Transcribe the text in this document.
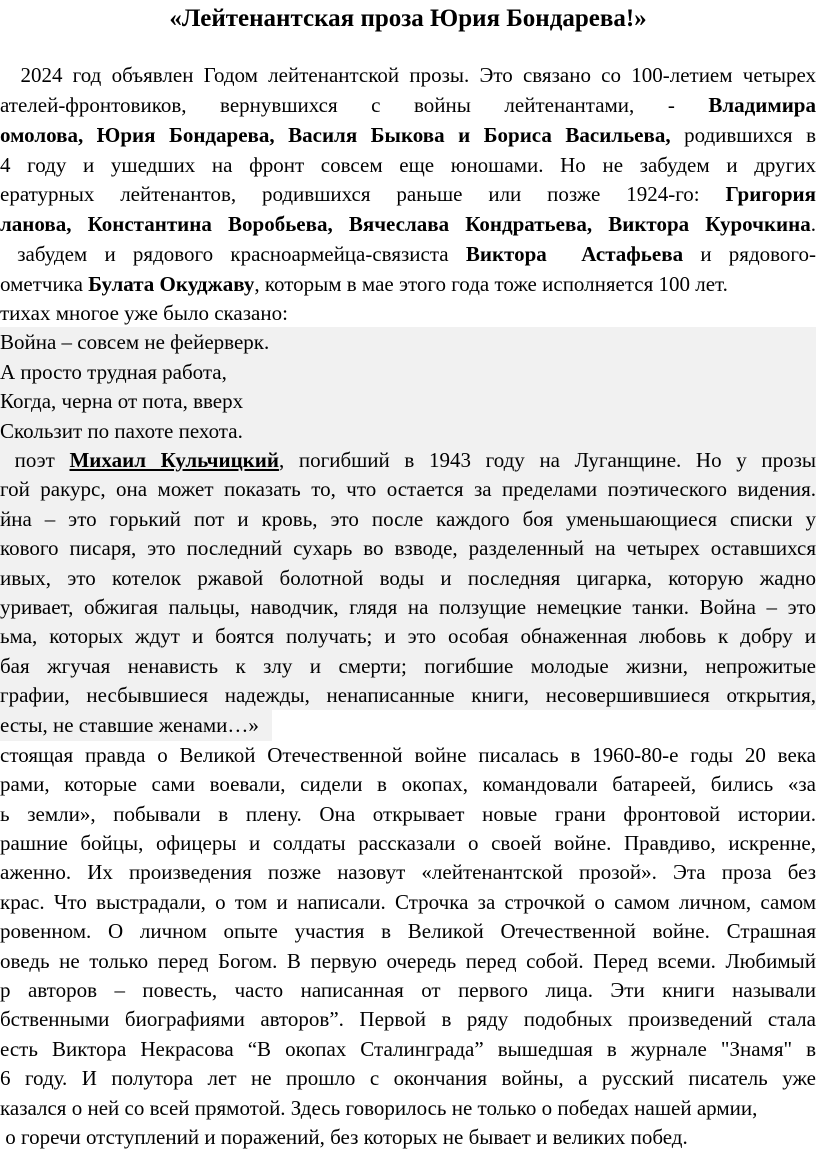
«Лейтенантская проза Юрия Бондарева!»
2024 год объявлен Годом лейтенантской прозы. Это связано со 100-летием четырех
ателей-фронтовиков, вернувшихся с войны лейтенантами, - Владимира
омолова, Юрия Бондарева, Василя Быкова и Бориса Васильева, родившихся в
4 году и ушедших на фронт совсем еще юношами. Но не забудем и других
ературных лейтенантов, родившихся раньше или позже 1924-го: Григория
ланова, Константина Воробьева, Вячеслава Кондратьева, Виктора Курочкина.
забудем и рядового красноармейца-связиста Виктора  Астафьева и рядового-
ометчика Булата Окуджаву, которым в мае этого года тоже исполняется 100 лет.
тихах многое уже было сказано:
Война – совсем не фейерверк.
А просто трудная работа,
Когда, черна от пота, вверх
Скользит по пахоте пехота.
поэт Михаил Кульчицкий, погибший в 1943 году на Луганщине. Но у прозы
гой ракурс, она может показать то, что остается за пределами поэтического видения.
йна – это горький пот и кровь, это после каждого боя уменьшающиеся списки у
кового писаря, это последний сухарь во взводе, разделенный на четырех оставшихся
ивых, это котелок ржавой болотной воды и последняя цигарка, которую жадно
уривает, обжигая пальцы, наводчик, глядя на ползущие немецкие танки. Война – это
ьма, которых ждут и боятся получать; и это особая обнаженная любовь к добру и
бая жгучая ненависть к злу и смерти; погибшие молодые жизни, непрожитые
графии, несбывшиеся надежды, ненаписанные книги, несовершившиеся открытия,
есты, не ставшие женами…»
стоящая правда о Великой Отечественной войне писалась в 1960-80-е годы 20 века
рами, которые сами воевали, сидели в окопах, командовали батареей, бились «за
ь земли», побывали в плену. Она открывает новые грани фронтовой истории.
рашние бойцы, офицеры и солдаты рассказали о своей войне. Правдиво, искренне,
аженно. Их произведения позже назовут «лейтенантской прозой». Эта проза без
крас. Что выстрадали, о том и написали. Строчка за строчкой о самом личном, самом
ровенном. О личном опыте участия в Великой Отечественной войне. Страшная
оведь не только перед Богом. В первую очередь перед собой. Перед всеми. Любимый
р авторов – повесть, часто написанная от первого лица. Эти книги называли
бственными биографиями авторов”. Первой в ряду подобных произведений стала
есть Виктора Некрасова “В окопах Сталинграда” вышедшая в журнале "Знамя" в
6 году. И полутора лет не прошло с окончания войны, а русский писатель уже
казался о ней со всей прямотой. Здесь говорилось не только о победах нашей армии,
о горечи отступлений и поражений, без которых не бывает и великих побед.
